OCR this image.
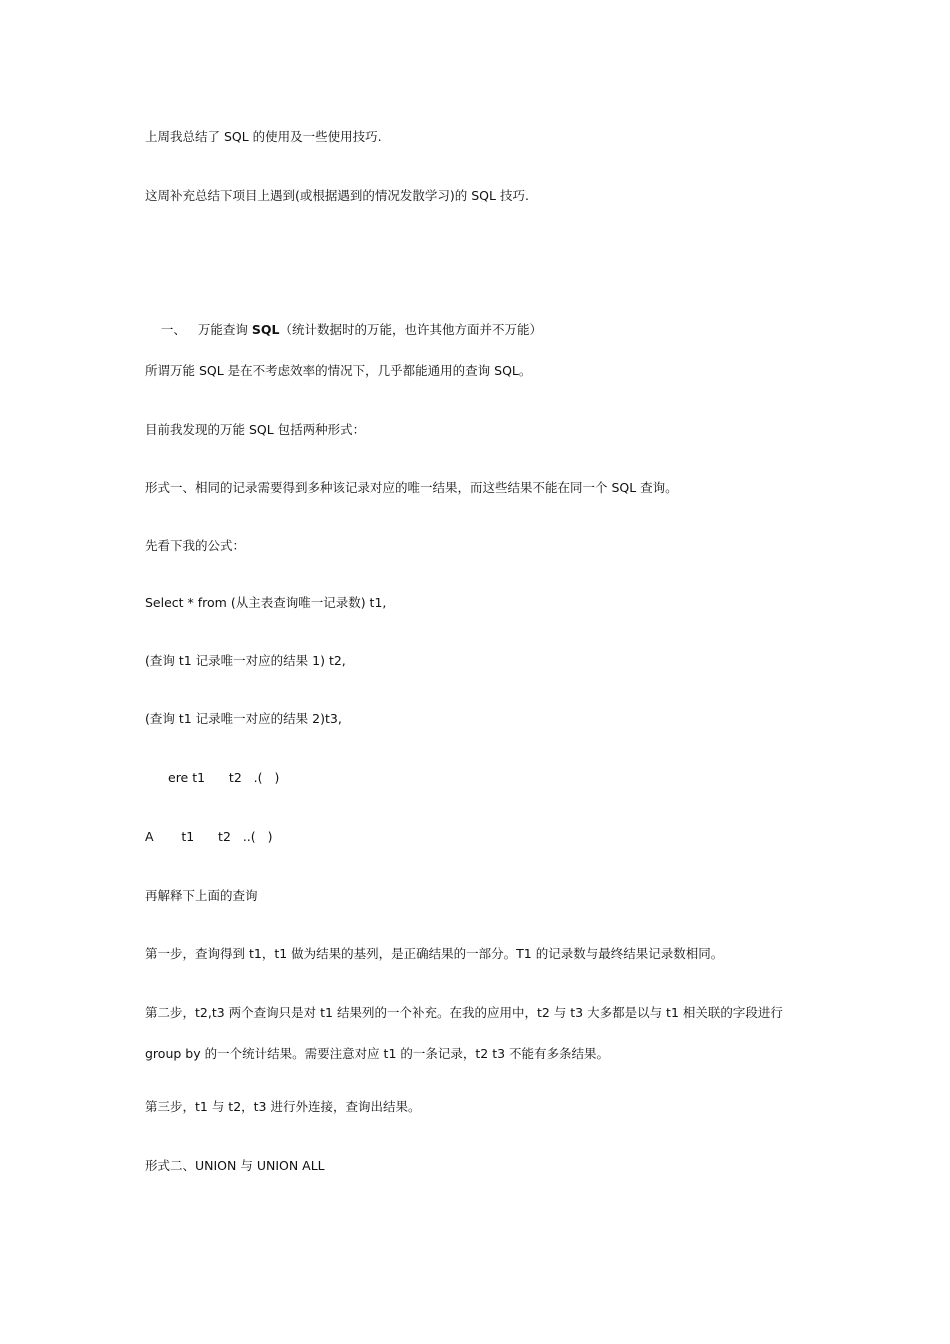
上周我总结了 SQL 的使用及一些使用技巧.
这周补充总结下项目上遇到(或根据遇到的情况发散学习)的 SQL 技巧.

一、 万能查询 SQL（统计数据时的万能，也许其他方面并不万能）

所谓万能 SQL 是在不考虑效率的情况下，几乎都能通用的查询 SQL。
目前我发现的万能 SQL 包括两种形式：
形式一、相同的记录需要得到多种该记录对应的唯一结果，而这些结果不能在同一个 SQL 查询。
先看下我的公式：
Select * from (从主表查询唯一记录数) t1,
(查询 t1 记录唯一对应的结果 1) t2,
(查询 t1 记录唯一对应的结果 2)t3,
ere t1      t2   .(   )
A       t1      t2   ..(   )
再解释下上面的查询
第一步，查询得到 t1，t1 做为结果的基列，是正确结果的一部分。T1 的记录数与最终结果记录数相同。
第二步，t2,t3 两个查询只是对 t1 结果列的一个补充。在我的应用中，t2 与 t3 大多都是以与 t1 相关联的字段进行 group by 的一个统计结果。需要注意对应 t1 的一条记录，t2 t3 不能有多条结果。
第三步，t1 与 t2，t3 进行外连接，查询出结果。
形式二、UNION 与 UNION ALL
